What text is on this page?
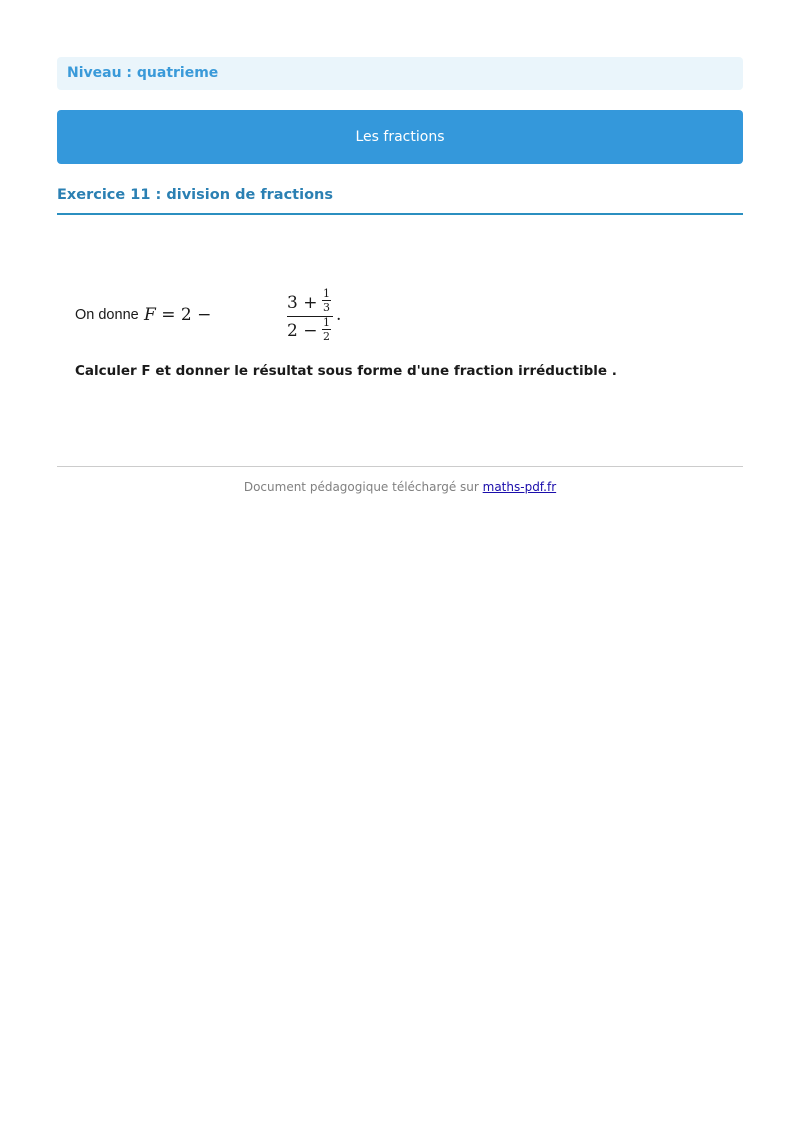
Niveau : quatrieme
Les fractions
Exercice 11 : division de fractions
On donne F = 2 −
3 + 1
3
2 − 1
2
.
Calculer F et donner le résultat sous forme d'une fraction irréductible .
Document pédagogique téléchargé sur maths-pdf.fr
